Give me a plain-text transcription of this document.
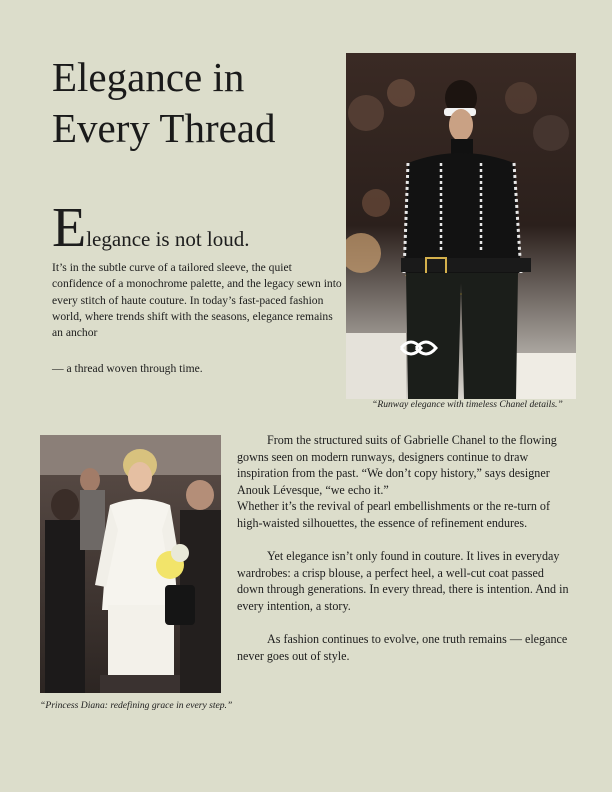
Elegance in
Every Thread
Elegance is not loud.

It’s in the subtle curve of a tailored sleeve, the quiet confidence of a monochrome palette, and the legacy sewn into every stitch of haute couture. In today’s fast-paced fashion world, where trends shift with the seasons, elegance remains an anchor

— a thread woven through time.

“Runway elegance with timeless Chanel details.”

“Princess Diana: redefining grace in every step.”

From the structured suits of Gabrielle Chanel to the flowing gowns seen on modern runways, designers continue to draw inspiration from the past. “We don’t copy history,” says designer Anouk Lévesque, “we echo it.”

Whether it’s the revival of pearl embellishments or the re-turn of high-waisted silhouettes, the essence of refinement endures.

Yet elegance isn’t only found in couture. It lives in everyday wardrobes: a crisp blouse, a perfect heel, a well-cut coat passed down through generations. In every thread, there is intention. And in every intention, a story.

As fashion continues to evolve, one truth remains — elegance never goes out of style.
